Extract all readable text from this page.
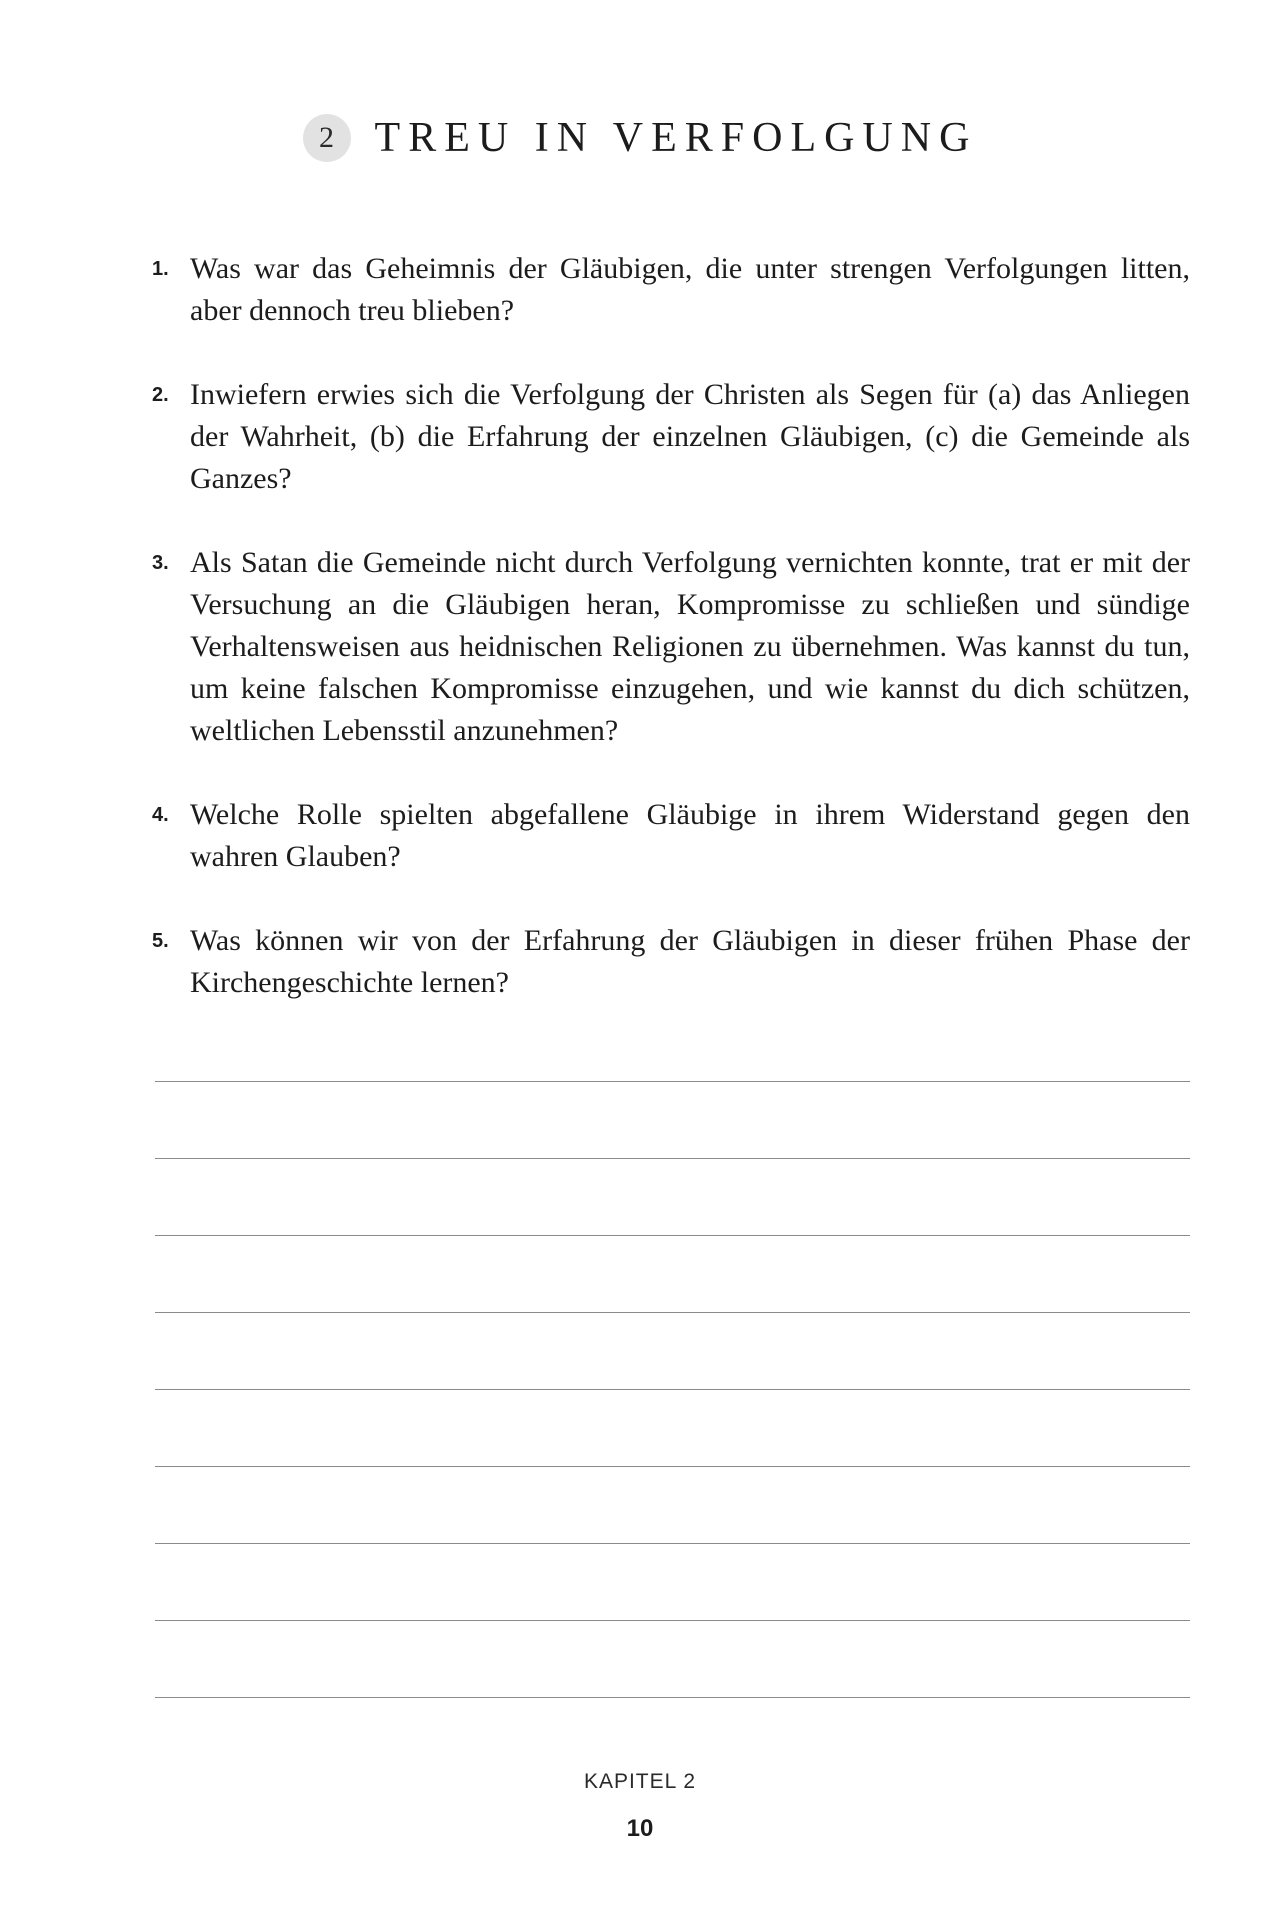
2 TREU IN VERFOLGUNG
1. Was war das Geheimnis der Gläubigen, die unter strengen Verfolgungen litten, aber dennoch treu blieben?
2. Inwiefern erwies sich die Verfolgung der Christen als Segen für (a) das Anliegen der Wahrheit, (b) die Erfahrung der einzelnen Gläubigen, (c) die Gemeinde als Ganzes?
3. Als Satan die Gemeinde nicht durch Verfolgung vernichten konnte, trat er mit der Versuchung an die Gläubigen heran, Kompromisse zu schließen und sündige Verhaltensweisen aus heidnischen Religionen zu übernehmen. Was kannst du tun, um keine falschen Kompromisse einzugehen, und wie kannst du dich schützen, weltlichen Lebensstil anzunehmen?
4. Welche Rolle spielten abgefallene Gläubige in ihrem Widerstand gegen den wahren Glauben?
5. Was können wir von der Erfahrung der Gläubigen in dieser frühen Phase der Kirchengeschichte lernen?
KAPITEL 2
10
